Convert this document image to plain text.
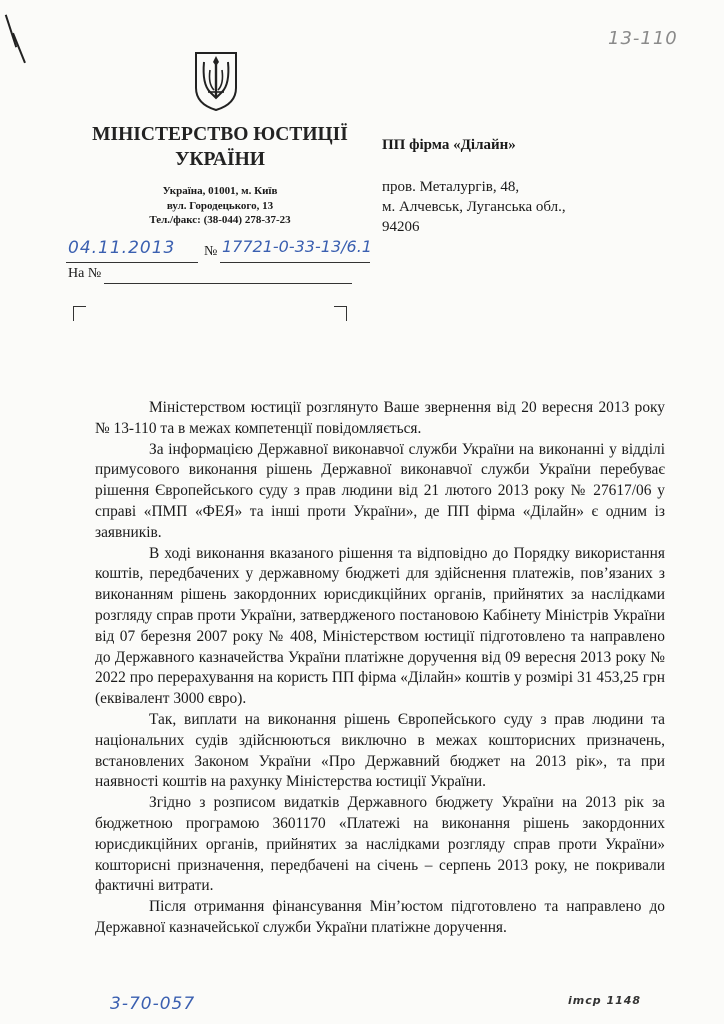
13-110
МІНІСТЕРСТВО ЮСТИЦІЇ
УКРАЇНИ
Україна, 01001, м. Київ
вул. Городецького, 13
Тел./факс: (38-044) 278-37-23
ПП фірма «Ділайн»
пров. Металургів, 48,
м. Алчевськ, Луганська обл.,
94206
04.11.2013 № 17721-0-33-13/6.1
На №

Міністерством юстиції розглянуто Ваше звернення від 20 вересня 2013 року № 13-110 та в межах компетенції повідомляється.

За інформацією Державної виконавчої служби України на виконанні у відділі примусового виконання рішень Державної виконавчої служби України перебуває рішення Європейського суду з прав людини від 21 лютого 2013 року № 27617/06 у справі «ПМП «ФЕЯ» та інші проти України», де ПП фірма «Ділайн» є одним із заявників.

В ході виконання вказаного рішення та відповідно до Порядку використання коштів, передбачених у державному бюджеті для здійснення платежів, пов’язаних з виконанням рішень закордонних юрисдикційних органів, прийнятих за наслідками розгляду справ проти України, затвердженого постановою Кабінету Міністрів України від 07 березня 2007 року № 408, Міністерством юстиції підготовлено та направлено до Державного казначейства України платіжне доручення від 09 вересня 2013 року № 2022 про перерахування на користь ПП фірма «Ділайн» коштів у розмірі 31 453,25 грн (еквівалент 3000 євро).

Так, виплати на виконання рішень Європейського суду з прав людини та національних судів здійснюються виключно в межах кошторисних призначень, встановлених Законом України «Про Державний бюджет на 2013 рік», та при наявності коштів на рахунку Міністерства юстиції України.

Згідно з розписом видатків Державного бюджету України на 2013 рік за бюджетною програмою 3601170 «Платежі на виконання рішень закордонних юрисдикційних органів, прийнятих за наслідками розгляду справ проти України» кошторисні призначення, передбачені на січень – серпень 2013 року, не покривали фактичні витрати.

Після отримання фінансування Мін’юстом підготовлено та направлено до Державної казначейської служби України платіжне доручення.

3-70-057	imcp 1148
